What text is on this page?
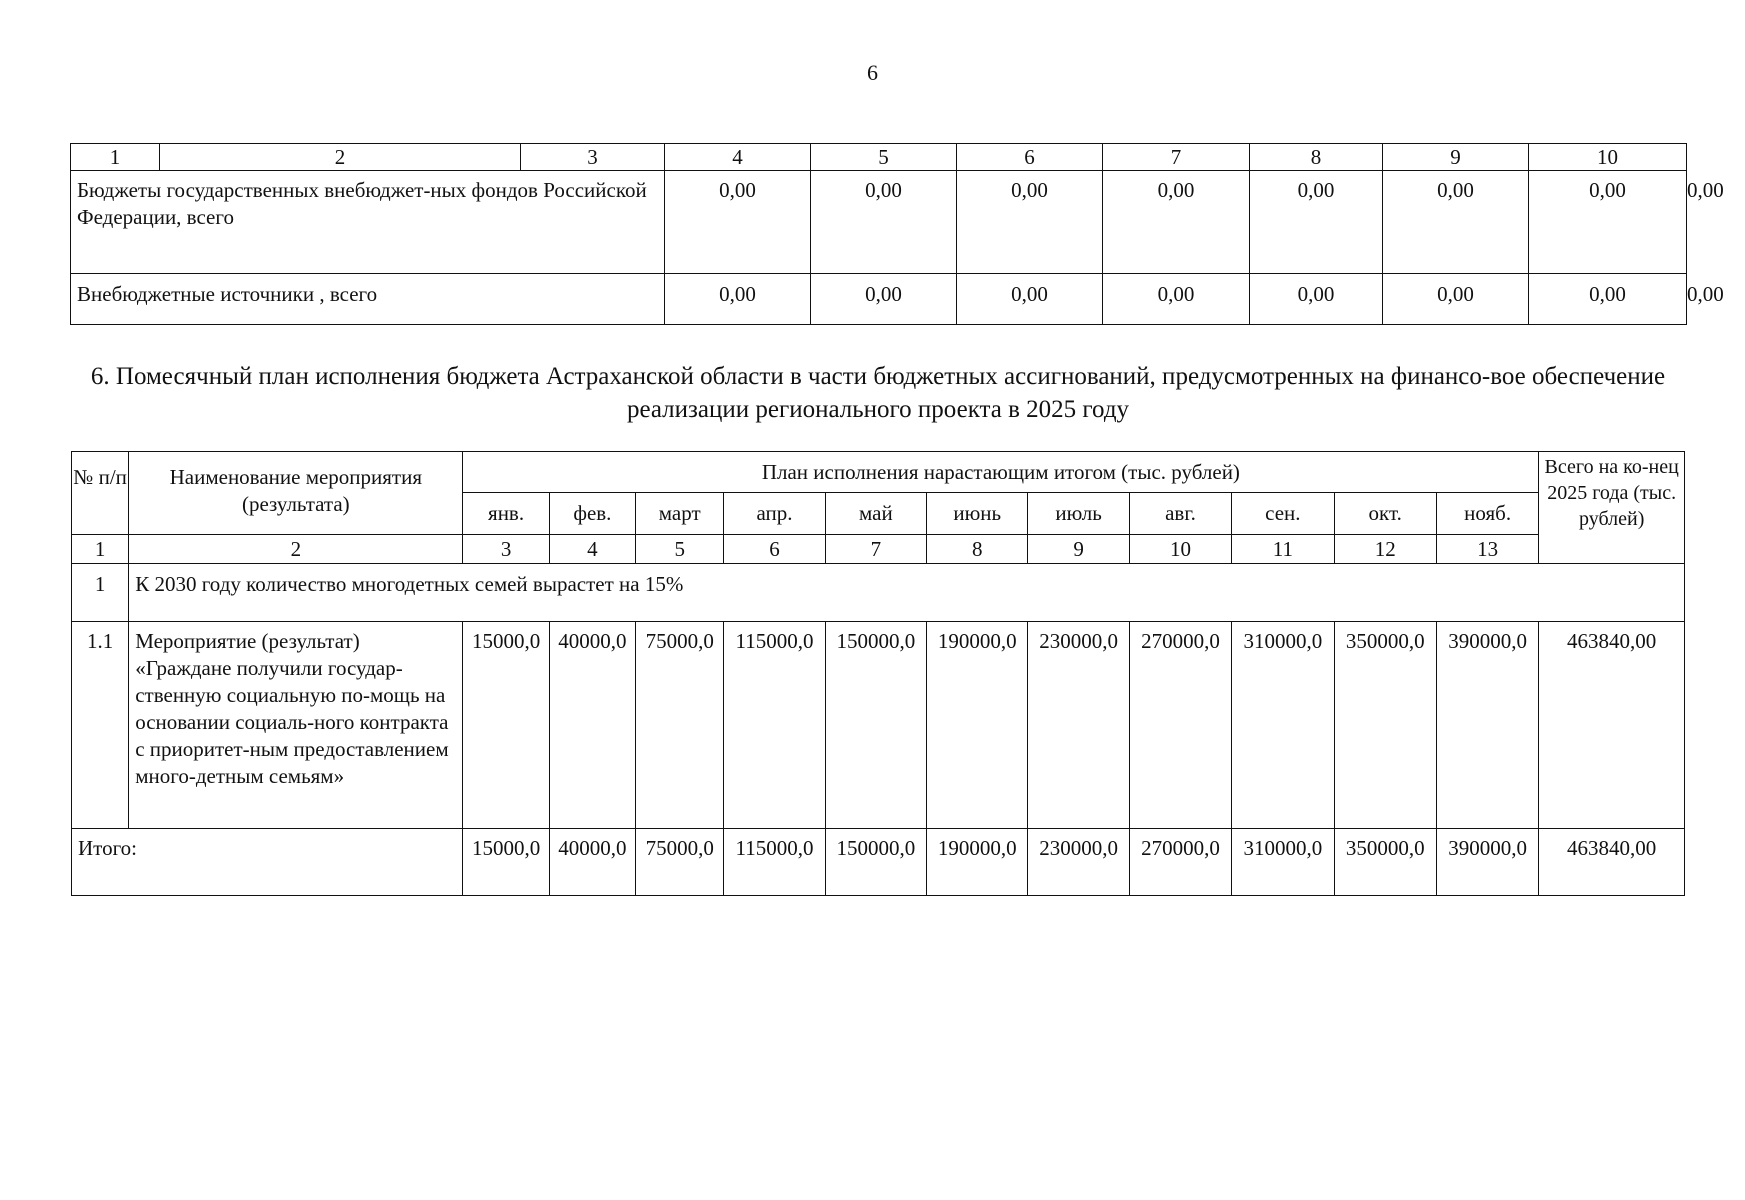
6
1	2	3	4	5	6	7	8	9	10	
Бюджеты государственных внебюджет-ных фондов Российской Федерации, всего			0,00	0,00	0,00	0,00	0,00	0,00	0,00	0,00
Внебюджетные источники , всего			0,00	0,00	0,00	0,00	0,00	0,00	0,00	0,00
6. Помесячный план исполнения бюджета Астраханской области в части бюджетных ассигнований, предусмотренных на финансо-вое обеспечение реализации регионального проекта в 2025 году
№ п/п	Наименование мероприятия (результата)	План исполнения нарастающим итогом (тыс. рублей)											Всего на ко-нец 2025 года (тыс. рублей)
		янв.	фев.	март	апр.	май	июнь	июль	авг.	сен.	окт.	нояб.	
1	2	3	4	5	6	7	8	9	10	11	12	13	
1	К 2030 году количество многодетных семей вырастет на 15%												
1.1	Мероприятие (результат) «Граждане получили государ-ственную социальную по-мощь на основании социаль-ного контракта с приоритет-ным предоставлением много-детным семьям»	15000,0	40000,0	75000,0	115000,0	150000,0	190000,0	230000,0	270000,0	310000,0	350000,0	390000,0	463840,00
Итого:		15000,0	40000,0	75000,0	115000,0	150000,0	190000,0	230000,0	270000,0	310000,0	350000,0	390000,0	463840,00
